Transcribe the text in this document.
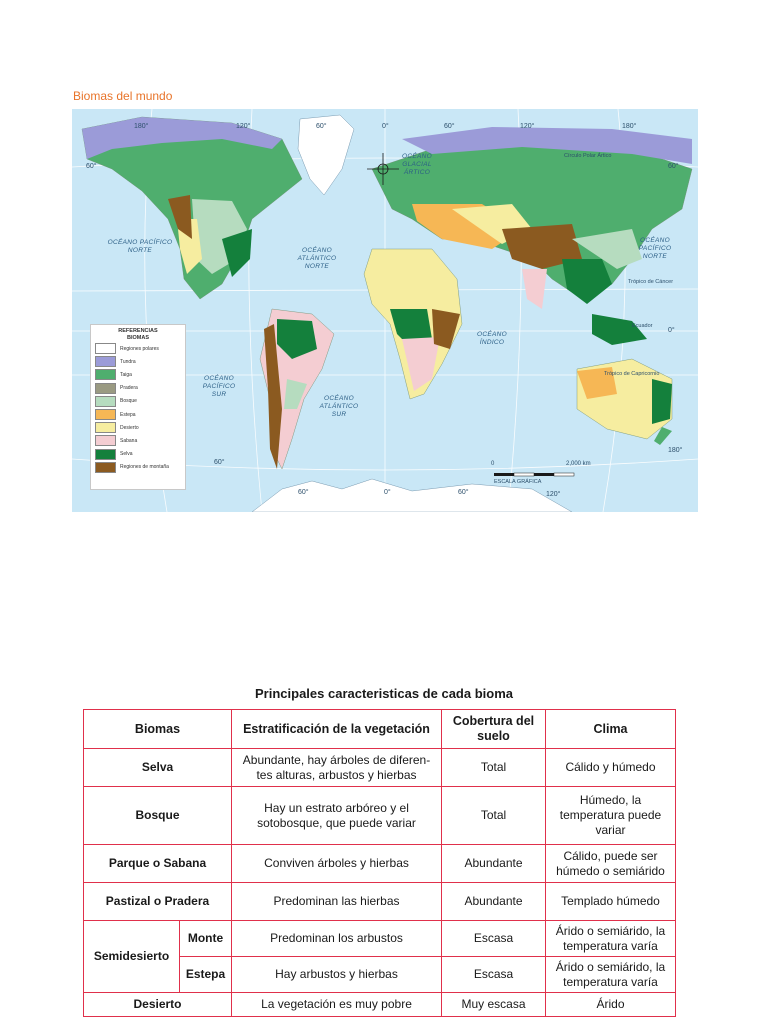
Biomas del mundo
OCÉANO PACÍFICO NORTE	OCÉANO ATLÁNTICO NORTE
OCÉANO GLACIAL ÁRTICO
OCÉANO PACÍFICO NORTE
OCÉANO ÍNDICO
OCÉANO PACÍFICO SUR
OCÉANO ATLÁNTICO SUR
Círculo Polar Ártico
Trópico de Cáncer
Ecuador
Trópico de Capricornio
180°	120°	60°	0°	60°	120°	180°
60°	60°
0°
180°
60°
60°	0°	60°	120°
0	2,000 km
ESCALA GRÁFICA
REFERENCIAS
BIOMAS
Regiones polares
Tundra
Taiga
Pradera
Bosque
Estepa
Desierto
Sabana
Selva
Regiones de montaña
Principales caracteristicas de cada bioma
Biomas		Estratificación de la vegetación	Cobertura del suelo	Clima
Selva		Abundante, hay árboles de diferen-tes alturas, arbustos y hierbas	Total	Cálido y húmedo
Bosque		Hay un estrato arbóreo y el sotobosque, que puede variar	Total	Húmedo, la temperatura puede variar
Parque o Sabana		Conviven árboles y hierbas	Abundante	Cálido, puede ser húmedo o semiárido
Pastizal o Pradera		Predominan las hierbas	Abundante	Templado húmedo
Semidesierto	Monte	Predominan los arbustos	Escasa	Árido o semiárido, la temperatura varía
	Estepa	Hay arbustos y hierbas	Escasa	Árido o semiárido, la temperatura varía
Desierto		La vegetación es muy pobre	Muy escasa	Árido
